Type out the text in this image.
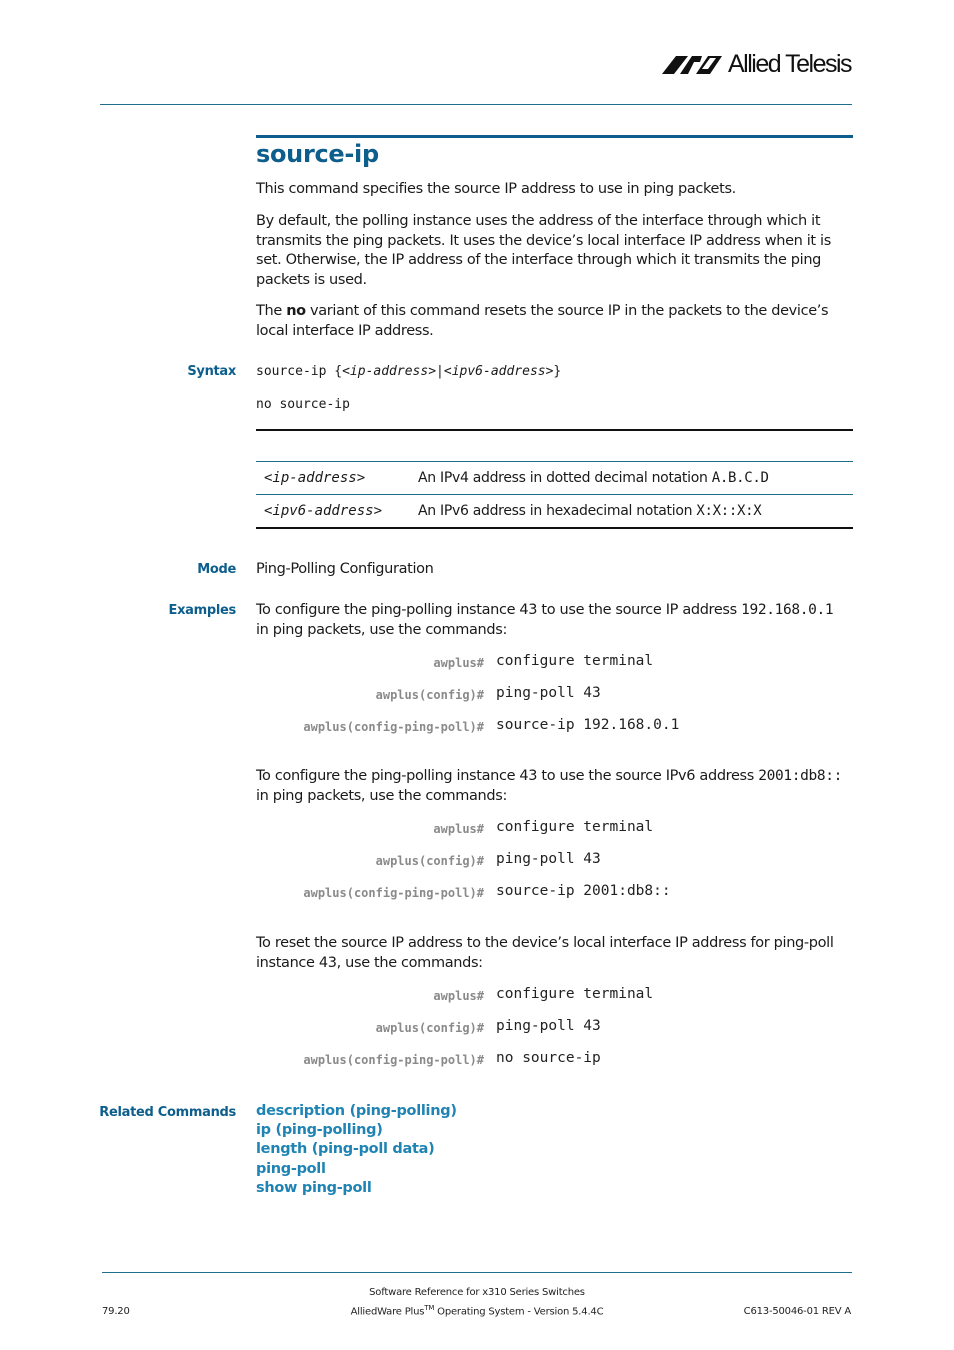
Allied Telesis
source-ip
This command specifies the source IP address to use in ping packets.
By default, the polling instance uses the address of the interface through which it transmits the ping packets. It uses the device’s local interface IP address when it is set. Otherwise, the IP address of the interface through which it transmits the ping packets is used.
The no variant of this command resets the source IP in the packets to the device’s local interface IP address.
Syntax source-ip {<ip-address>|<ipv6-address>}
no source-ip
<ip-address>	An IPv4 address in dotted decimal notation A.B.C.D
<ipv6-address>	An IPv6 address in hexadecimal notation X:X::X:X
Mode Ping-Polling Configuration
Examples To configure the ping-polling instance 43 to use the source IP address 192.168.0.1 in ping packets, use the commands:
awplus# configure terminal
awplus(config)# ping-poll 43
awplus(config-ping-poll)# source-ip 192.168.0.1
To configure the ping-polling instance 43 to use the source IPv6 address 2001:db8:: in ping packets, use the commands:
awplus# configure terminal
awplus(config)# ping-poll 43
awplus(config-ping-poll)# source-ip 2001:db8::
To reset the source IP address to the device’s local interface IP address for ping-poll instance 43, use the commands:
awplus# configure terminal
awplus(config)# ping-poll 43
awplus(config-ping-poll)# no source-ip
Related Commands description (ping-polling)
ip (ping-polling)
length (ping-poll data)
ping-poll
show ping-poll
Software Reference for x310 Series Switches
AlliedWare Plus™ Operating System - Version 5.4.4C
79.20	C613-50046-01 REV A
